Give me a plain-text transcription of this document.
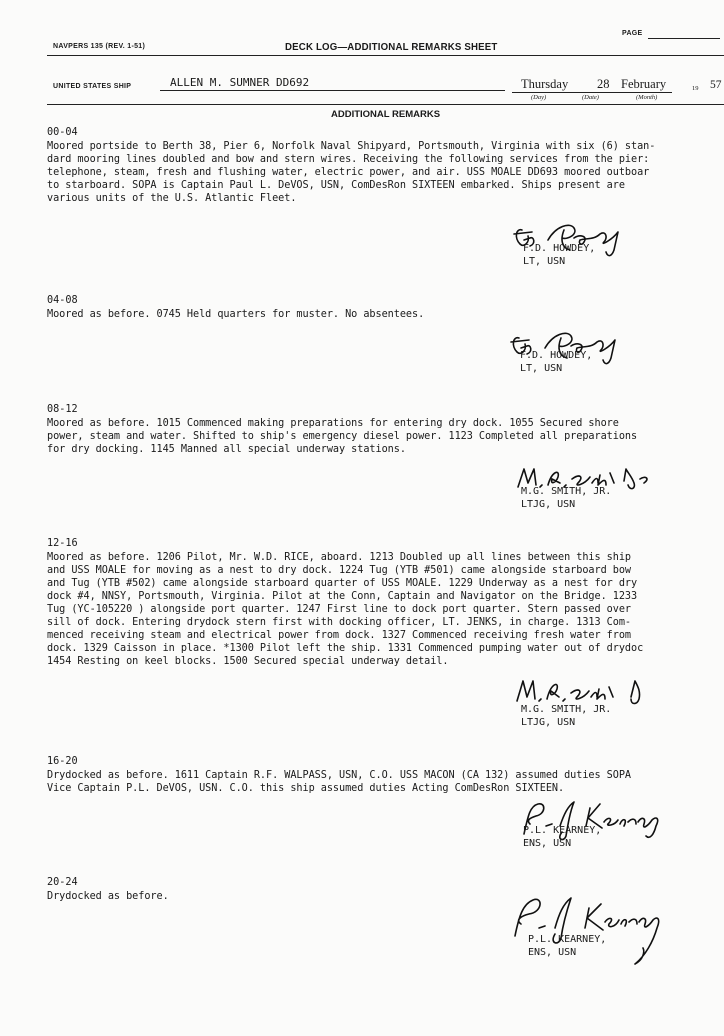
PAGE
NAVPERS 135 (REV. 1-51)	DECK LOG—ADDITIONAL REMARKS SHEET
UNITED STATES SHIP	ALLEN M. SUMNER DD692	Thursday 28 February	19 57
(Day)	(Date)	(Month)
ADDITIONAL REMARKS
00-04
Moored portside to Berth 38, Pier 6, Norfolk Naval Shipyard, Portsmouth, Virginia with six (6) stan-
dard mooring lines doubled and bow and stern wires. Receiving the following services from the pier:
telephone, steam, fresh and flushing water, electric power, and air. USS MOALE DD693 moored outboar
to starboard. SOPA is Captain Paul L. DeVOS, USN, ComDesRon SIXTEEN embarked. Ships present are
various units of the U.S. Atlantic Fleet.
F.D. HOWDEY,
LT, USN
04-08
Moored as before. 0745 Held quarters for muster. No absentees.
F.D. HOWDEY,
LT, USN
08-12
Moored as before. 1015 Commenced making preparations for entering dry dock. 1055 Secured shore
power, steam and water. Shifted to ship's emergency diesel power. 1123 Completed all preparations
for dry docking. 1145 Manned all special underway stations.
M.G. SMITH, JR.
LTJG, USN
12-16
Moored as before. 1206 Pilot, Mr. W.D. RICE, aboard. 1213 Doubled up all lines between this ship
and USS MOALE for moving as a nest to dry dock. 1224 Tug (YTB #501) came alongside starboard bow
and Tug (YTB #502) came alongside starboard quarter of USS MOALE. 1229 Underway as a nest for dry
dock #4, NNSY, Portsmouth, Virginia. Pilot at the Conn, Captain and Navigator on the Bridge. 1233
Tug (YC-105220 ) alongside port quarter. 1247 First line to dock port quarter. Stern passed over
sill of dock. Entering drydock stern first with docking officer, LT. JENKS, in charge. 1313 Com-
menced receiving steam and electrical power from dock. 1327 Commenced receiving fresh water from
dock. 1329 Caisson in place. *1300 Pilot left the ship. 1331 Commenced pumping water out of drydoc
1454 Resting on keel blocks. 1500 Secured special underway detail.
M.G. SMITH, JR.
LTJG, USN
16-20
Drydocked as before. 1611 Captain R.F. WALPASS, USN, C.O. USS MACON (CA 132) assumed duties SOPA
Vice Captain P.L. DeVOS, USN. C.O. this ship assumed duties Acting ComDesRon SIXTEEN.
P.L. KEARNEY,
ENS, USN
20-24
Drydocked as before.
P.L. KEARNEY,
ENS, USN
